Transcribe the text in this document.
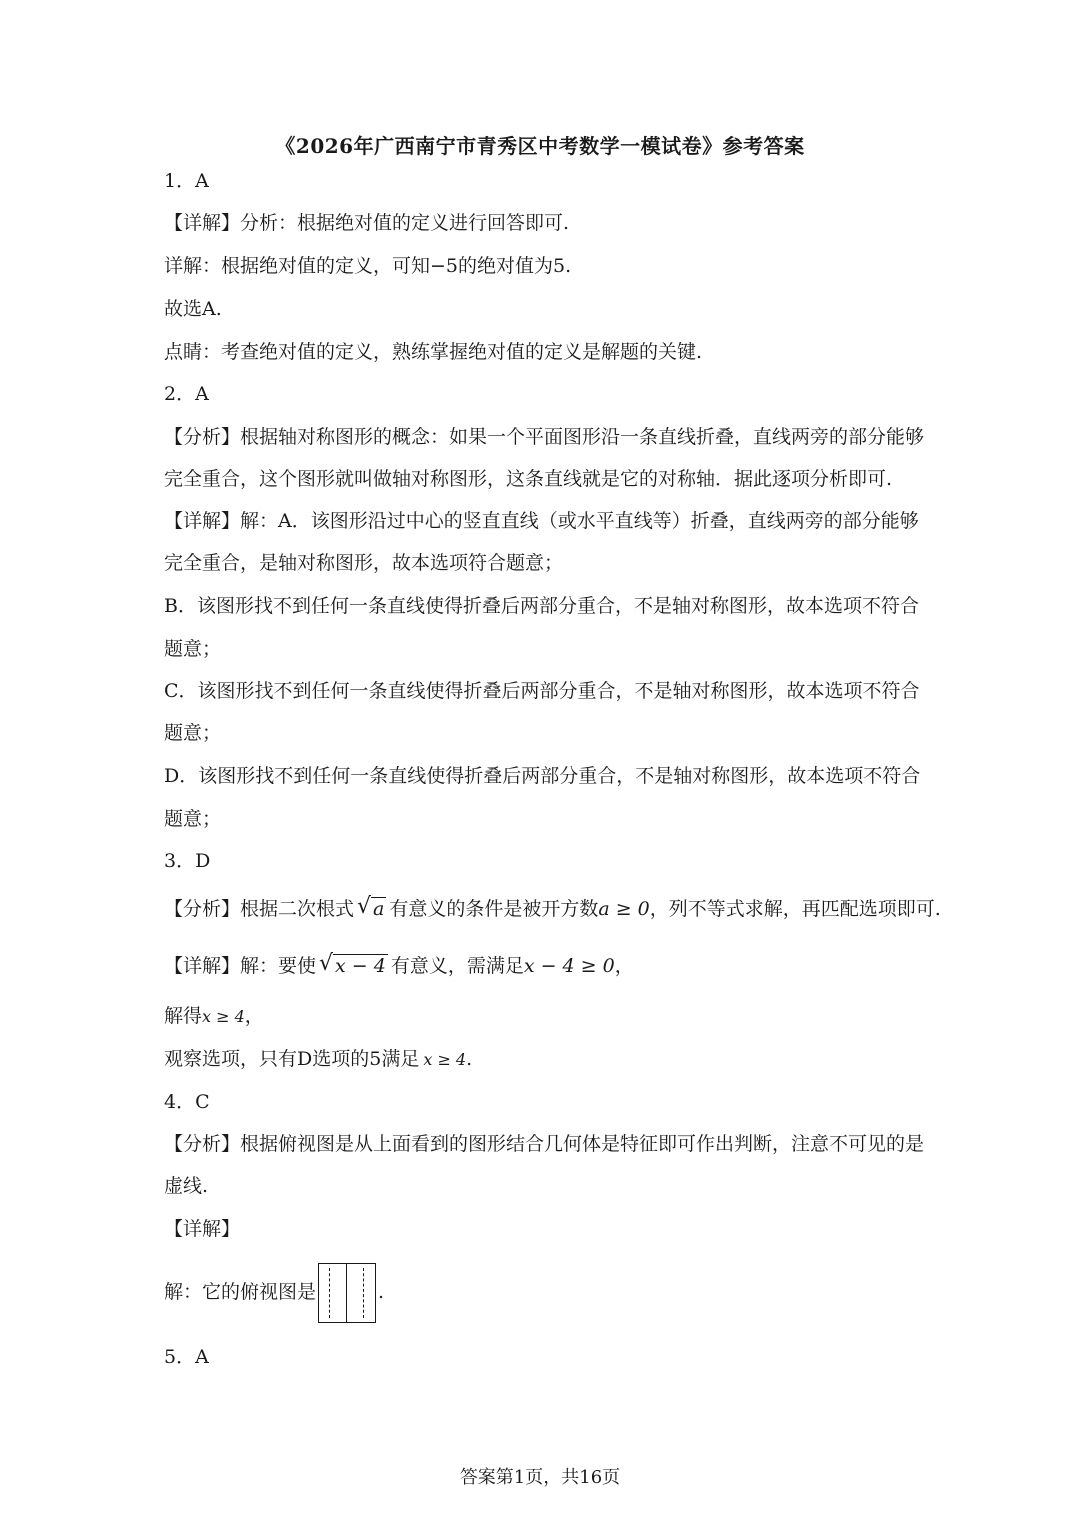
《2026年广西南宁市青秀区中考数学一模试卷》参考答案
1．A
【详解】分析：根据绝对值的定义进行回答即可.
详解：根据绝对值的定义，可知−5的绝对值为5.
故选A.
点睛：考查绝对值的定义，熟练掌握绝对值的定义是解题的关键.
2．A
【分析】根据轴对称图形的概念：如果一个平面图形沿一条直线折叠，直线两旁的部分能够
完全重合，这个图形就叫做轴对称图形，这条直线就是它的对称轴．据此逐项分析即可.
【详解】解：A．该图形沿过中心的竖直直线（或水平直线等）折叠，直线两旁的部分能够
完全重合，是轴对称图形，故本选项符合题意；
B．该图形找不到任何一条直线使得折叠后两部分重合，不是轴对称图形，故本选项不符合
题意；
C．该图形找不到任何一条直线使得折叠后两部分重合，不是轴对称图形，故本选项不符合
题意；
D．该图形找不到任何一条直线使得折叠后两部分重合，不是轴对称图形，故本选项不符合
题意；
3．D
【分析】根据二次根式 √ a 有意义的条件是被开方数a ≥ 0，列不等式求解，再匹配选项即可.
【详解】解：要使 √ x − 4 有意义，需满足x − 4 ≥ 0，
解得x ≥ 4，
观察选项，只有D选项的5满足 x ≥ 4.
4．C
【分析】根据俯视图是从上面看到的图形结合几何体是特征即可作出判断，注意不可见的是
虚线.
【详解】
解：它的俯视图是	.
5．A
答案第1页，共16页
